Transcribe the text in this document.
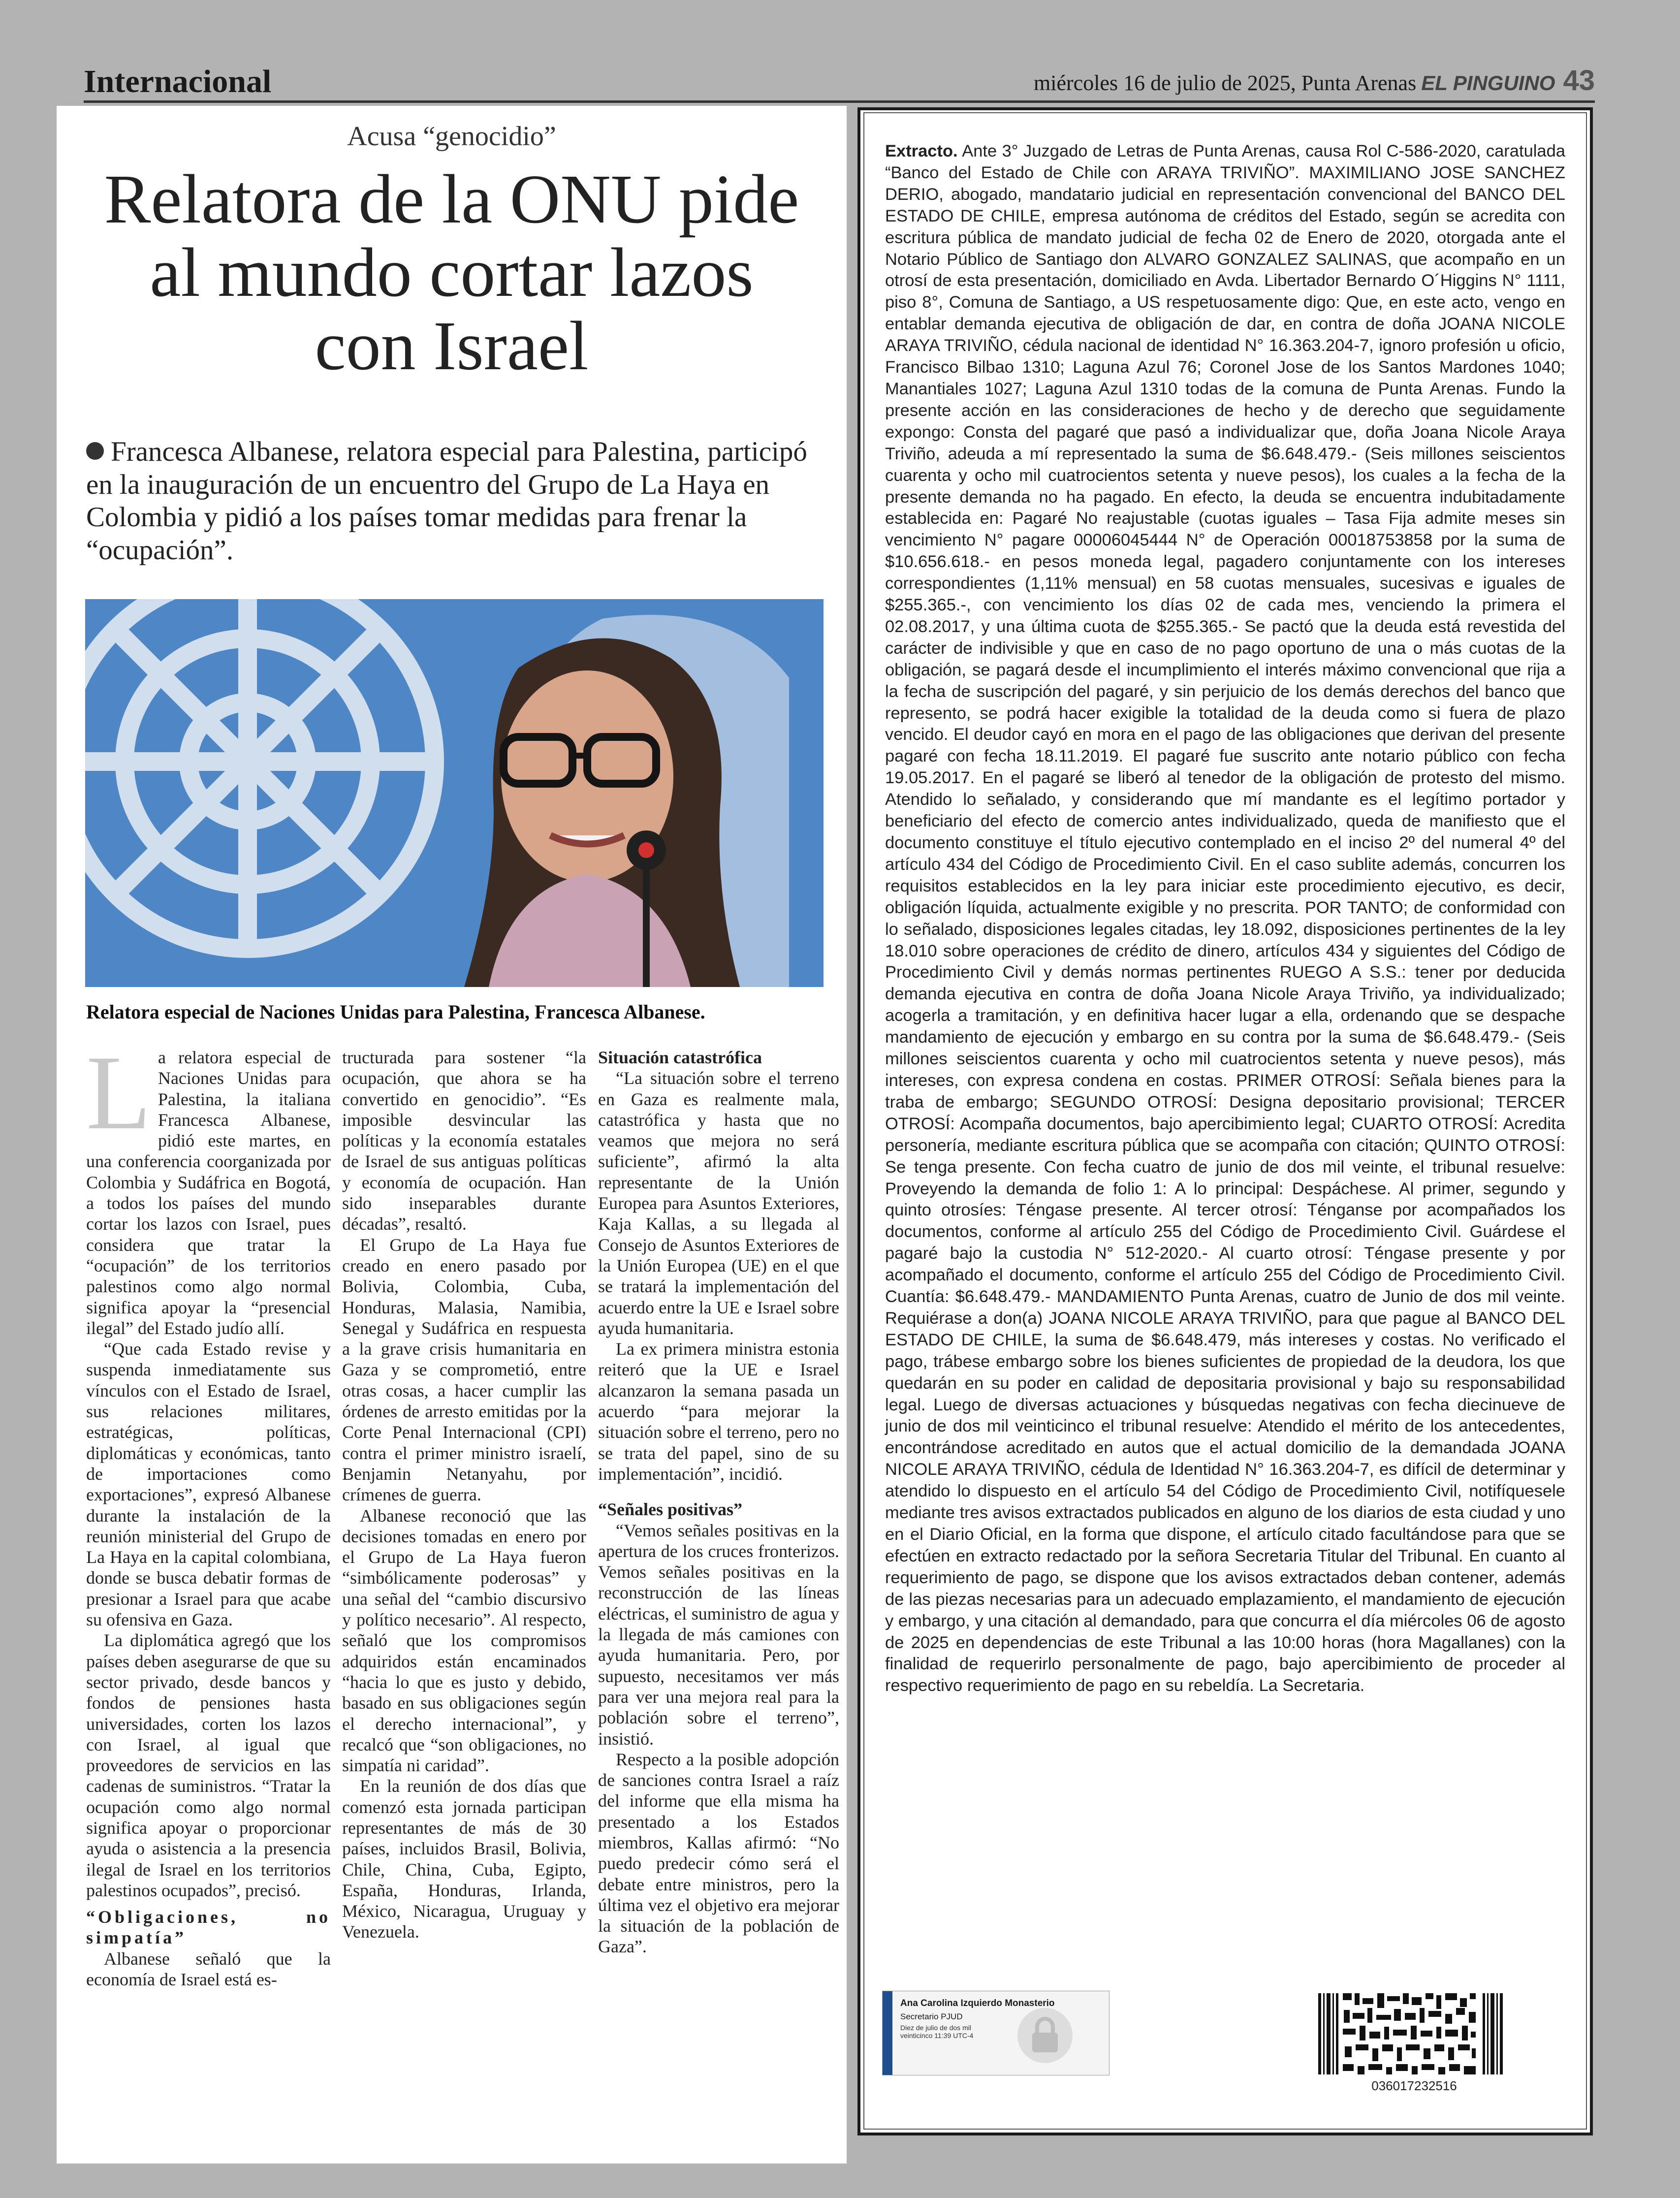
Internacional	miércoles 16 de julio de 2025, Punta Arenas EL PINGUINO 43
Acusa “genocidio”
Relatora de la ONU pide al mundo cortar lazos con Israel
Francesca Albanese, relatora especial para Palestina, participó en la inauguración de un encuentro del Grupo de La Haya en Colombia y pidió a los países tomar medidas para frenar la “ocupación”.
Relatora especial de Naciones Unidas para Palestina, Francesca Albanese.
L a relatora especial de Naciones Unidas para Palestina, la italiana Francesca Albanese, pidió este martes, en una conferencia coorganizada por Colombia y Sudáfrica en Bogotá, a todos los países del mundo cortar los lazos con Israel, pues considera que tratar la “ocupación” de los territorios palestinos como algo normal significa apoyar la “presencial ilegal” del Estado judío allí.

“Que cada Estado revise y suspenda inmediatamente sus vínculos con el Estado de Israel, sus relaciones militares, estratégicas, políticas, diplomáticas y económicas, tanto de importaciones como exportaciones”, expresó Albanese durante la instalación de la reunión ministerial del Grupo de La Haya en la capital colombiana, donde se busca debatir formas de presionar a Israel para que acabe su ofensiva en Gaza.

La diplomática agregó que los países deben asegurarse de que su sector privado, desde bancos y fondos de pensiones hasta universidades, corten los lazos con Israel, al igual que proveedores de servicios en las cadenas de suministros. “Tratar la ocupación como algo normal significa apoyar o proporcionar ayuda o asistencia a la presencia ilegal de Israel en los territorios palestinos ocupados”, precisó.

“Obligaciones, no simpatía”

Albanese señaló que la economía de Israel está es-

tructurada para sostener “la ocupación, que ahora se ha convertido en genocidio”. “Es imposible desvincular las políticas y la economía estatales de Israel de sus antiguas políticas y economía de ocupación. Han sido inseparables durante décadas”, resaltó.

El Grupo de La Haya fue creado en enero pasado por Bolivia, Colombia, Cuba, Honduras, Malasia, Namibia, Senegal y Sudáfrica en respuesta a la grave crisis humanitaria en Gaza y se comprometió, entre otras cosas, a hacer cumplir las órdenes de arresto emitidas por la Corte Penal Internacional (CPI) contra el primer ministro israelí, Benjamin Netanyahu, por crímenes de guerra.

Albanese reconoció que las decisiones tomadas en enero por el Grupo de La Haya fueron “simbólicamente poderosas” y una señal del “cambio discursivo y político necesario”. Al respecto, señaló que los compromisos adquiridos están encaminados “hacia lo que es justo y debido, basado en sus obligaciones según el derecho internacional”, y recalcó que “son obligaciones, no simpatía ni caridad”.

En la reunión de dos días que comenzó esta jornada participan representantes de más de 30 países, incluidos Brasil, Bolivia, Chile, China, Cuba, Egipto, España, Honduras, Irlanda, México, Nicaragua, Uruguay y Venezuela.

Situación catastrófica

“La situación sobre el terreno en Gaza es realmente mala, catastrófica y hasta que no veamos que mejora no será suficiente”, afirmó la alta representante de la Unión Europea para Asuntos Exteriores, Kaja Kallas, a su llegada al Consejo de Asuntos Exteriores de la Unión Europea (UE) en el que se tratará la implementación del acuerdo entre la UE e Israel sobre ayuda humanitaria.

La ex primera ministra estonia reiteró que la UE e Israel alcanzaron la semana pasada un acuerdo “para mejorar la situación sobre el terreno, pero no se trata del papel, sino de su implementación”, incidió.

“Señales positivas”

“Vemos señales positivas en la apertura de los cruces fronterizos. Vemos señales positivas en la reconstrucción de las líneas eléctricas, el suministro de agua y la llegada de más camiones con ayuda humanitaria. Pero, por supuesto, necesitamos ver más para ver una mejora real para la población sobre el terreno”, insistió.

Respecto a la posible adopción de sanciones contra Israel a raíz del informe que ella misma ha presentado a los Estados miembros, Kallas afirmó: “No puedo predecir cómo será el debate entre ministros, pero la última vez el objetivo era mejorar la situación de la población de Gaza”.

Extracto. Ante 3° Juzgado de Letras de Punta Arenas, causa Rol C-586-2020, caratulada “Banco del Estado de Chile con ARAYA TRIVIÑO”. MAXIMILIANO JOSE SANCHEZ DERIO, abogado, mandatario judicial en representación convencional del BANCO DEL ESTADO DE CHILE, empresa autónoma de créditos del Estado, según se acredita con escritura pública de mandato judicial de fecha 02 de Enero de 2020, otorgada ante el Notario Público de Santiago don ALVARO GONZALEZ SALINAS, que acompaño en un otrosí de esta presentación, domiciliado en Avda. Libertador Bernardo O´Higgins N° 1111, piso 8°, Comuna de Santiago, a US respetuosamente digo: Que, en este acto, vengo en entablar demanda ejecutiva de obligación de dar, en contra de doña JOANA NICOLE ARAYA TRIVIÑO, cédula nacional de identidad N° 16.363.204-7, ignoro profesión u oficio, Francisco Bilbao 1310; Laguna Azul 76; Coronel Jose de los Santos Mardones 1040; Manantiales 1027; Laguna Azul 1310 todas de la comuna de Punta Arenas. Fundo la presente acción en las consideraciones de hecho y de derecho que seguidamente expongo: Consta del pagaré que pasó a individualizar que, doña Joana Nicole Araya Triviño, adeuda a mí representado la suma de $6.648.479.- (Seis millones seiscientos cuarenta y ocho mil cuatrocientos setenta y nueve pesos), los cuales a la fecha de la presente demanda no ha pagado. En efecto, la deuda se encuentra indubitadamente establecida en: Pagaré No reajustable (cuotas iguales – Tasa Fija admite meses sin vencimiento N° pagare 00006045444 N° de Operación 00018753858 por la suma de $10.656.618.- en pesos moneda legal, pagadero conjuntamente con los intereses correspondientes (1,11% mensual) en 58 cuotas mensuales, sucesivas e iguales de $255.365.-, con vencimiento los días 02 de cada mes, venciendo la primera el 02.08.2017, y una última cuota de $255.365.- Se pactó que la deuda está revestida del carácter de indivisible y que en caso de no pago oportuno de una o más cuotas de la obligación, se pagará desde el incumplimiento el interés máximo convencional que rija a la fecha de suscripción del pagaré, y sin perjuicio de los demás derechos del banco que represento, se podrá hacer exigible la totalidad de la deuda como si fuera de plazo vencido. El deudor cayó en mora en el pago de las obligaciones que derivan del presente pagaré con fecha 18.11.2019. El pagaré fue suscrito ante notario público con fecha 19.05.2017. En el pagaré se liberó al tenedor de la obligación de protesto del mismo. Atendido lo señalado, y considerando que mí mandante es el legítimo portador y beneficiario del efecto de comercio antes individualizado, queda de manifiesto que el documento constituye el título ejecutivo contemplado en el inciso 2º del numeral 4º del artículo 434 del Código de Procedimiento Civil. En el caso sublite además, concurren los requisitos establecidos en la ley para iniciar este procedimiento ejecutivo, es decir, obligación líquida, actualmente exigible y no prescrita. POR TANTO; de conformidad con lo señalado, disposiciones legales citadas, ley 18.092, disposiciones pertinentes de la ley 18.010 sobre operaciones de crédito de dinero, artículos 434 y siguientes del Código de Procedimiento Civil y demás normas pertinentes RUEGO A S.S.: tener por deducida demanda ejecutiva en contra de doña Joana Nicole Araya Triviño, ya individualizado; acogerla a tramitación, y en definitiva hacer lugar a ella, ordenando que se despache mandamiento de ejecución y embargo en su contra por la suma de $6.648.479.- (Seis millones seiscientos cuarenta y ocho mil cuatrocientos setenta y nueve pesos), más intereses, con expresa condena en costas. PRIMER OTROSÍ: Señala bienes para la traba de embargo; SEGUNDO OTROSÍ: Designa depositario provisional; TERCER OTROSÍ: Acompaña documentos, bajo apercibimiento legal; CUARTO OTROSÍ: Acredita personería, mediante escritura pública que se acompaña con citación; QUINTO OTROSÍ: Se tenga presente. Con fecha cuatro de junio de dos mil veinte, el tribunal resuelve: Proveyendo la demanda de folio 1: A lo principal: Despáchese. Al primer, segundo y quinto otrosíes: Téngase presente. Al tercer otrosí: Ténganse por acompañados los documentos, conforme al artículo 255 del Código de Procedimiento Civil. Guárdese el pagaré bajo la custodia N° 512-2020.- Al cuarto otrosí: Téngase presente y por acompañado el documento, conforme el artículo 255 del Código de Procedimiento Civil. Cuantía: $6.648.479.- MANDAMIENTO Punta Arenas, cuatro de Junio de dos mil veinte. Requiérase a don(a) JOANA NICOLE ARAYA TRIVIÑO, para que pague al BANCO DEL ESTADO DE CHILE, la suma de $6.648.479, más intereses y costas. No verificado el pago, trábese embargo sobre los bienes suficientes de propiedad de la deudora, los que quedarán en su poder en calidad de depositaria provisional y bajo su responsabilidad legal. Luego de diversas actuaciones y búsquedas negativas con fecha diecinueve de junio de dos mil veinticinco el tribunal resuelve: Atendido el mérito de los antecedentes, encontrándose acreditado en autos que el actual domicilio de la demandada JOANA NICOLE ARAYA TRIVIÑO, cédula de Identidad N° 16.363.204-7, es difícil de determinar y atendido lo dispuesto en el artículo 54 del Código de Procedimiento Civil, notifíquesele mediante tres avisos extractados publicados en alguno de los diarios de esta ciudad y uno en el Diario Oficial, en la forma que dispone, el artículo citado facultándose para que se efectúen en extracto redactado por la señora Secretaria Titular del Tribunal. En cuanto al requerimiento de pago, se dispone que los avisos extractados deban contener, además de las piezas necesarias para un adecuado emplazamiento, el mandamiento de ejecución y embargo, y una citación al demandado, para que concurra el día miércoles 06 de agosto de 2025 en dependencias de este Tribunal a las 10:00 horas (hora Magallanes) con la finalidad de requerirlo personalmente de pago, bajo apercibimiento de proceder al respectivo requerimiento de pago en su rebeldía. La Secretaria.
Ana Carolina Izquierdo Monasterio
Secretario PJUD
Diez de julio de dos mil veinticinco 11:39 UTC-4
036017232516
